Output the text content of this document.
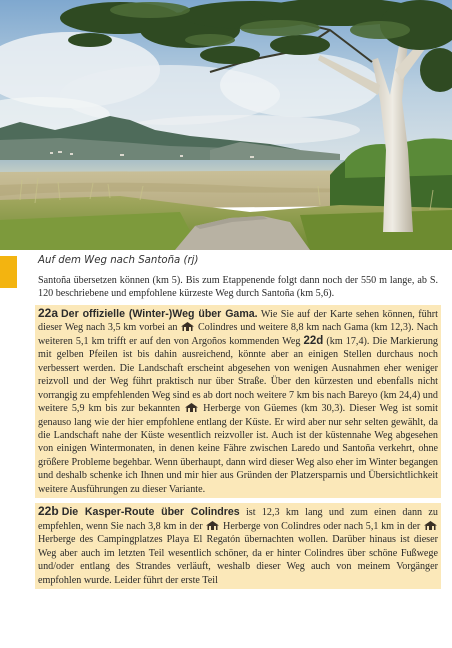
Auf dem Weg nach Santoña (rj)

Santoña übersetzen können (km 5). Bis zum Etappenende folgt dann noch der 550 m lange, ab S. 120 beschriebene und empfohlene kürzeste Weg durch Santoña (km 5,6).

22a Der offizielle (Winter-)Weg über Gama. Wie Sie auf der Karte sehen können, führt dieser Weg nach 3,5 km vorbei an  Colindres und weitere 8,8 km nach Gama (km 12,3). Nach weiteren 5,1 km trifft er auf den von Argoños kommenden Weg 22d (km 17,4). Die Markierung mit gelben Pfeilen ist bis dahin ausreichend, könnte aber an einigen Stellen durchaus noch verbessert werden. Die Landschaft erscheint abgesehen von wenigen Ausnahmen eher weniger reizvoll und der Weg führt praktisch nur über Straße. Über den kürzesten und ebenfalls nicht vorrangig zu empfehlenden Weg sind es ab dort noch weitere 7 km bis nach Bareyo (km 24,4) und weitere 5,9 km bis zur bekannten  Herberge von Güemes (km 30,3). Dieser Weg ist somit genauso lang wie der hier empfohlene entlang der Küste. Er wird aber nur sehr selten gewählt, da die Landschaft nahe der Küste wesentlich reizvoller ist. Auch ist der küstennahe Weg abgesehen von einigen Wintermonaten, in denen keine Fähre zwischen Laredo und Santoña verkehrt, ohne größere Probleme begehbar. Wenn überhaupt, dann wird dieser Weg also eher im Winter begangen und deshalb schenke ich Ihnen und mir hier aus Gründen der Platzersparnis und Übersichtlichkeit weitere Ausführungen zu dieser Variante.

22b Die Kasper-Route über Colindres ist 12,3 km lang und zum einen dann zu empfehlen, wenn Sie nach 3,8 km in der  Herberge von Colindres oder nach 5,1 km in der  Herberge des Campingplatzes Playa El Regatón übernachten wollen. Darüber hinaus ist dieser Weg aber auch im letzten Teil wesentlich schöner, da er hinter Colindres über schöne Fußwege und/oder entlang des Strandes verläuft, weshalb dieser Weg auch von meinem Vorgänger empfohlen wurde. Leider führt der erste Teil
